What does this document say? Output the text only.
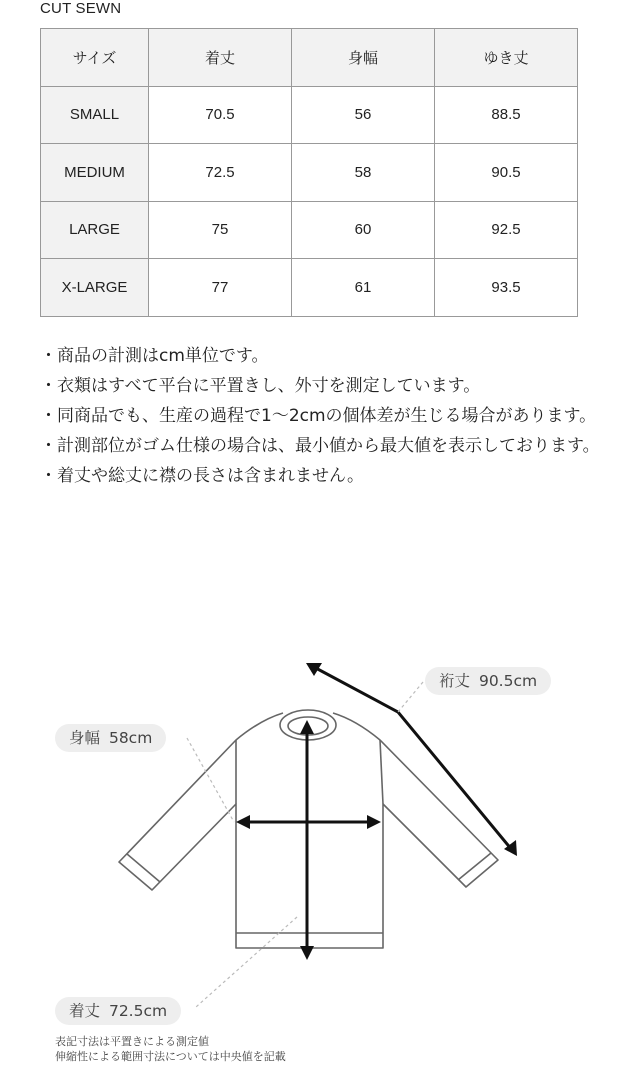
CUT SEWN
サイズ	着丈	身幅	ゆき丈
SMALL	70.5	56	88.5
MEDIUM	72.5	58	90.5
LARGE	75	60	92.5
X-LARGE	77	61	93.5

・商品の計測はcm単位です。

・衣類はすべて平台に平置きし、外寸を測定しています。

・同商品でも、生産の過程で1〜2cmの個体差が生じる場合があります。

・計測部位がゴム仕様の場合は、最小値から最大値を表示しております。

・着丈や総丈に襟の長さは含まれません。

裄丈 90.5cm
身幅 58cm
着丈 72.5cm
表記寸法は平置きによる測定値
伸縮性による範囲寸法については中央値を記載
